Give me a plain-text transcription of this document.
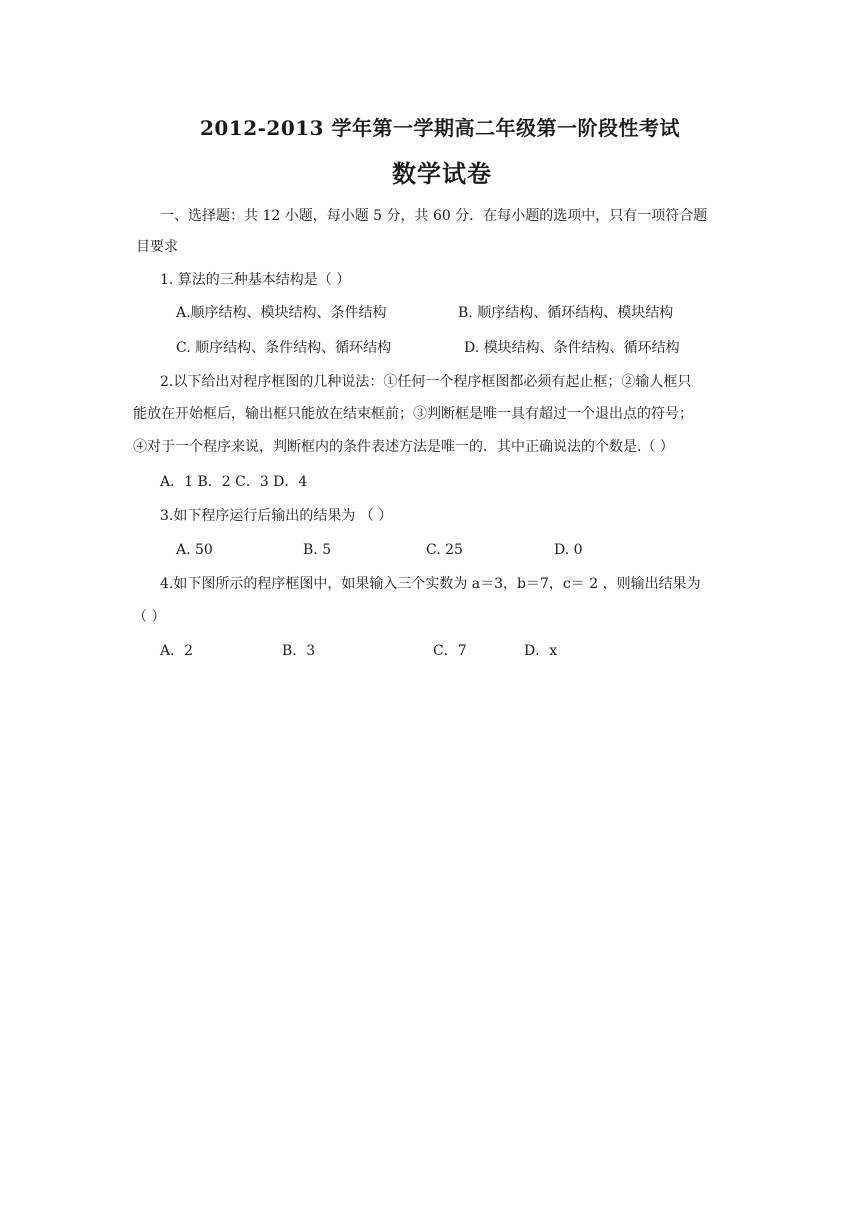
2012-2013 学年第一学期高二年级第一阶段性考试
数学试卷
一、选择题：共 12 小题，每小题 5 分，共 60 分．在每小题的选项中，只有一项符合题
目要求
1. 算法的三种基本结构是（ ）
A.顺序结构、模块结构、条件结构	B. 顺序结构、循环结构、模块结构
C. 顺序结构、条件结构、循环结构	D. 模块结构、条件结构、循环结构
2.以下给出对程序框图的几种说法：①任何一个程序框图都必须有起止框；②输人框只
能放在开始框后，输出框只能放在结束框前；③判断框是唯一具有超过一个退出点的符号；
④对于一个程序来说，判断框内的条件表述方法是唯一的．其中正确说法的个数是.（ ）
A．1 B．2 C．3 D．4
3.如下程序运行后输出的结果为 （ ）
A. 50	B. 5	C. 25	D. 0
4.如下图所示的程序框图中，如果输入三个实数为 a＝3，b＝7，c＝ 2 ，则输出结果为
（ ）
A．2	B．3	C．7	D．x
